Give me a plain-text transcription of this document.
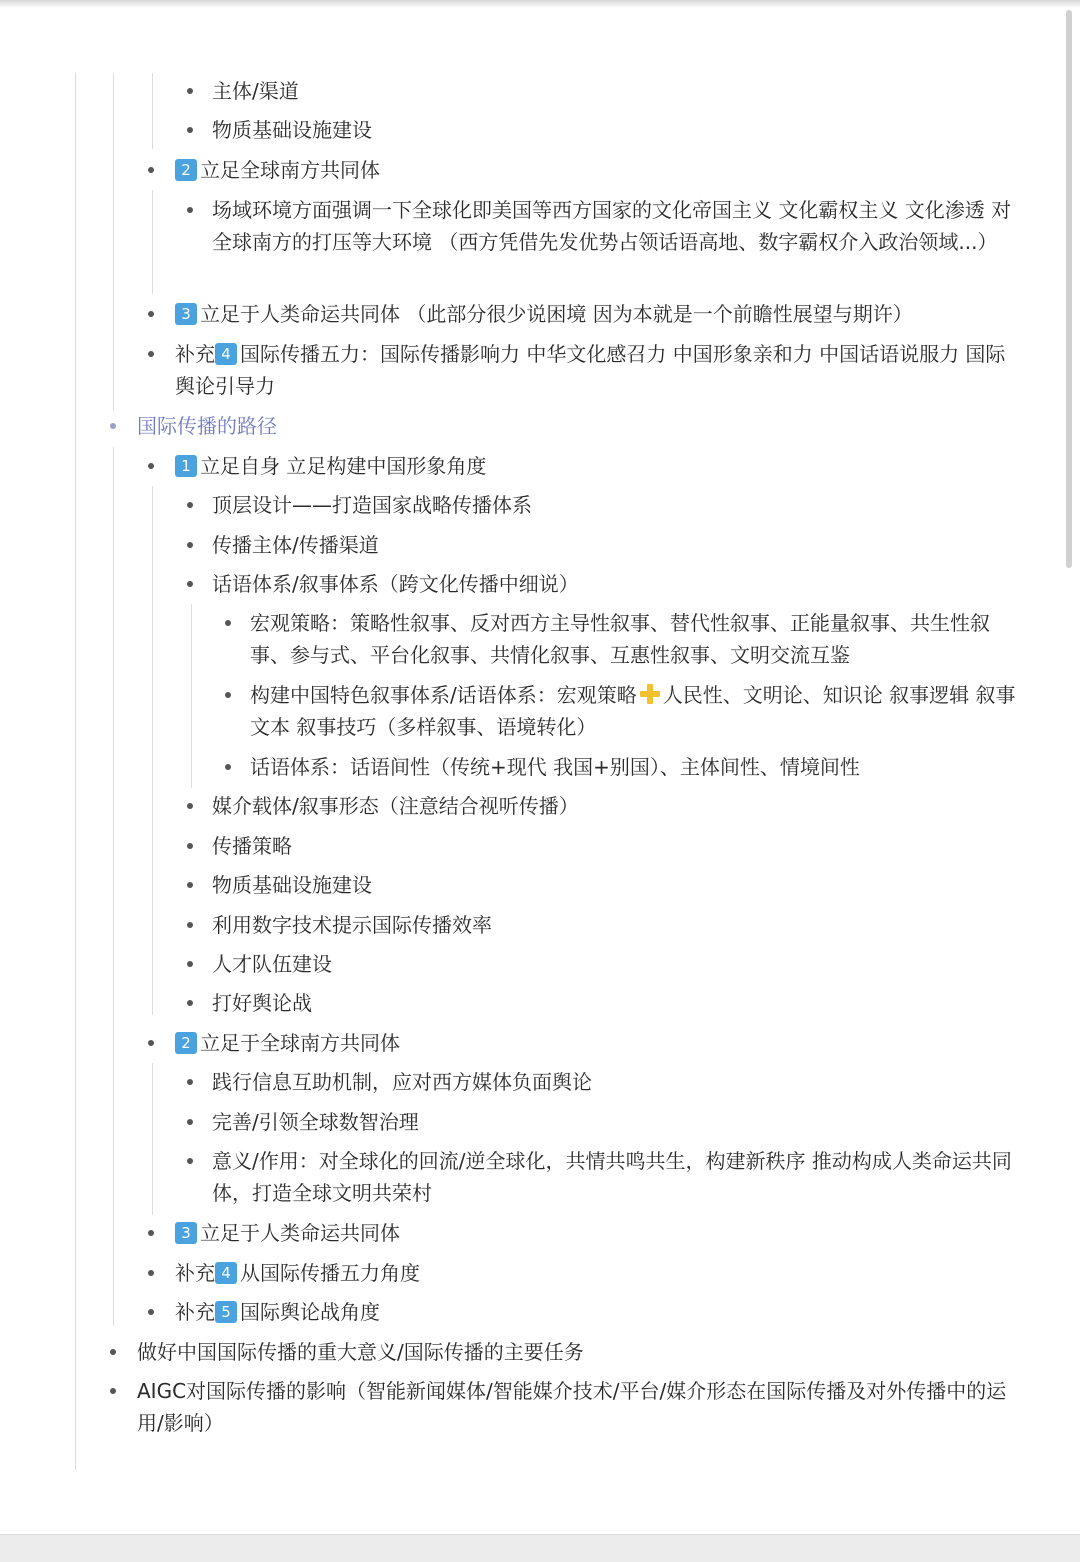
主体/渠道
物质基础设施建设
2 立足全球南方共同体
场域环境方面强调一下全球化即美国等西方国家的文化帝国主义 文化霸权主义 文化渗透 对全球南方的打压等大环境 （西方凭借先发优势占领话语高地、数字霸权介入政治领域...）
3 立足于人类命运共同体 （此部分很少说困境 因为本就是一个前瞻性展望与期许）
补充 4 国际传播五力：国际传播影响力 中华文化感召力 中国形象亲和力 中国话语说服力 国际舆论引导力
国际传播的路径
1 立足自身 立足构建中国形象角度
顶层设计——打造国家战略传播体系
传播主体/传播渠道
话语体系/叙事体系（跨文化传播中细说）
宏观策略：策略性叙事、反对西方主导性叙事、替代性叙事、正能量叙事、共生性叙事、参与式、平台化叙事、共情化叙事、互惠性叙事、文明交流互鉴
构建中国特色叙事体系/话语体系：宏观策略 人民性、文明论、知识论 叙事逻辑 叙事文本 叙事技巧（多样叙事、语境转化）
话语体系：话语间性（传统+现代 我国+别国）、主体间性、情境间性
媒介载体/叙事形态（注意结合视听传播）
传播策略
物质基础设施建设
利用数字技术提示国际传播效率
人才队伍建设
打好舆论战
2 立足于全球南方共同体
践行信息互助机制，应对西方媒体负面舆论
完善/引领全球数智治理
意义/作用：对全球化的回流/逆全球化，共情共鸣共生，构建新秩序 推动构成人类命运共同体，打造全球文明共荣村
3 立足于人类命运共同体
补充 4 从国际传播五力角度
补充 5 国际舆论战角度
做好中国国际传播的重大意义/国际传播的主要任务
AIGC对国际传播的影响（智能新闻媒体/智能媒介技术/平台/媒介形态在国际传播及对外传播中的运用/影响）
